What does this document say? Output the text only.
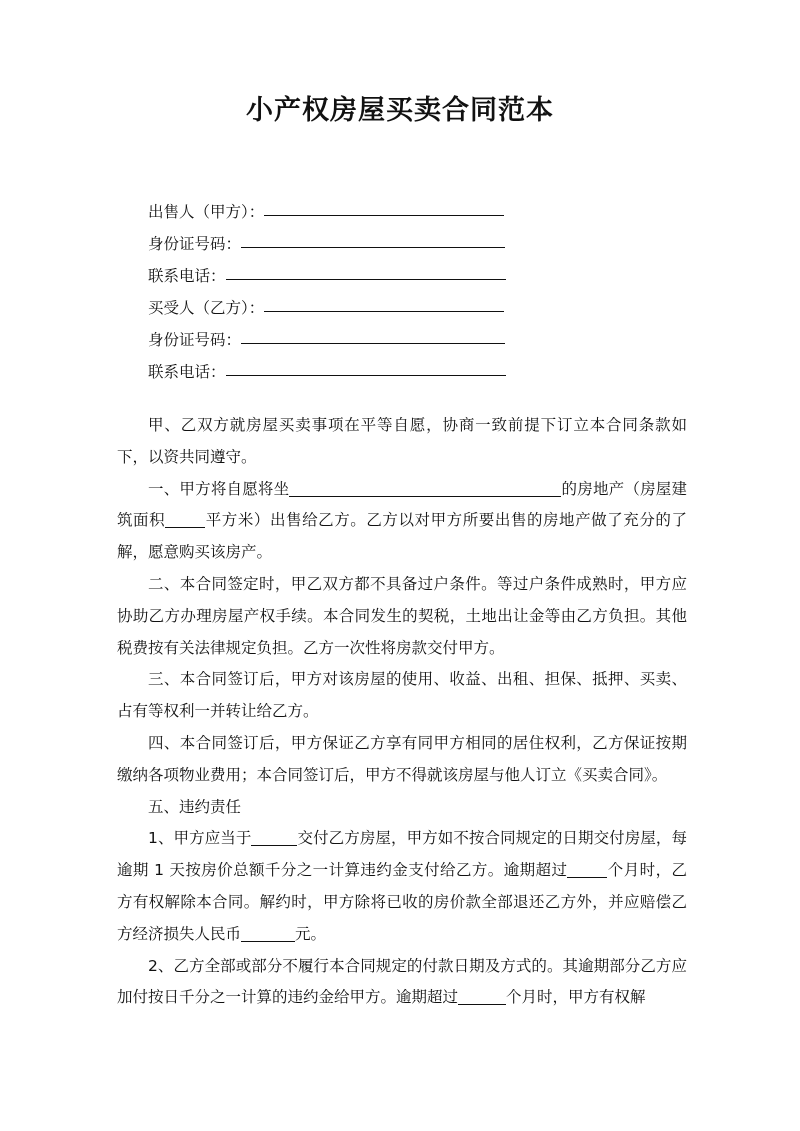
小产权房屋买卖合同范本
出售人（甲方）：
身份证号码：
联系电话：
买受人（乙方）：
身份证号码：
联系电话：

甲、乙双方就房屋买卖事项在平等自愿，协商一致前提下订立本合同条款如下，以资共同遵守。

一、甲方将自愿将坐	的房地产（房屋建筑面积	平方米）出售给乙方。乙方以对甲方所要出售的房地产做了充分的了解，愿意购买该房产。

二、本合同签定时，甲乙双方都不具备过户条件。等过户条件成熟时，甲方应协助乙方办理房屋产权手续。本合同发生的契税，土地出让金等由乙方负担。其他税费按有关法律规定负担。乙方一次性将房款交付甲方。

三、本合同签订后，甲方对该房屋的使用、收益、出租、担保、抵押、买卖、占有等权利一并转让给乙方。

四、本合同签订后，甲方保证乙方享有同甲方相同的居住权利，乙方保证按期缴纳各项物业费用；本合同签订后，甲方不得就该房屋与他人订立《买卖合同》。

五、违约责任

1、甲方应当于	交付乙方房屋，甲方如不按合同规定的日期交付房屋，每逾期 1 天按房价总额千分之一计算违约金支付给乙方。逾期超过	个月时，乙方有权解除本合同。解约时，甲方除将已收的房价款全部退还乙方外，并应赔偿乙方经济损失人民币	元。

2、乙方全部或部分不履行本合同规定的付款日期及方式的。其逾期部分乙方应加付按日千分之一计算的违约金给甲方。逾期超过	个月时，甲方有权解
